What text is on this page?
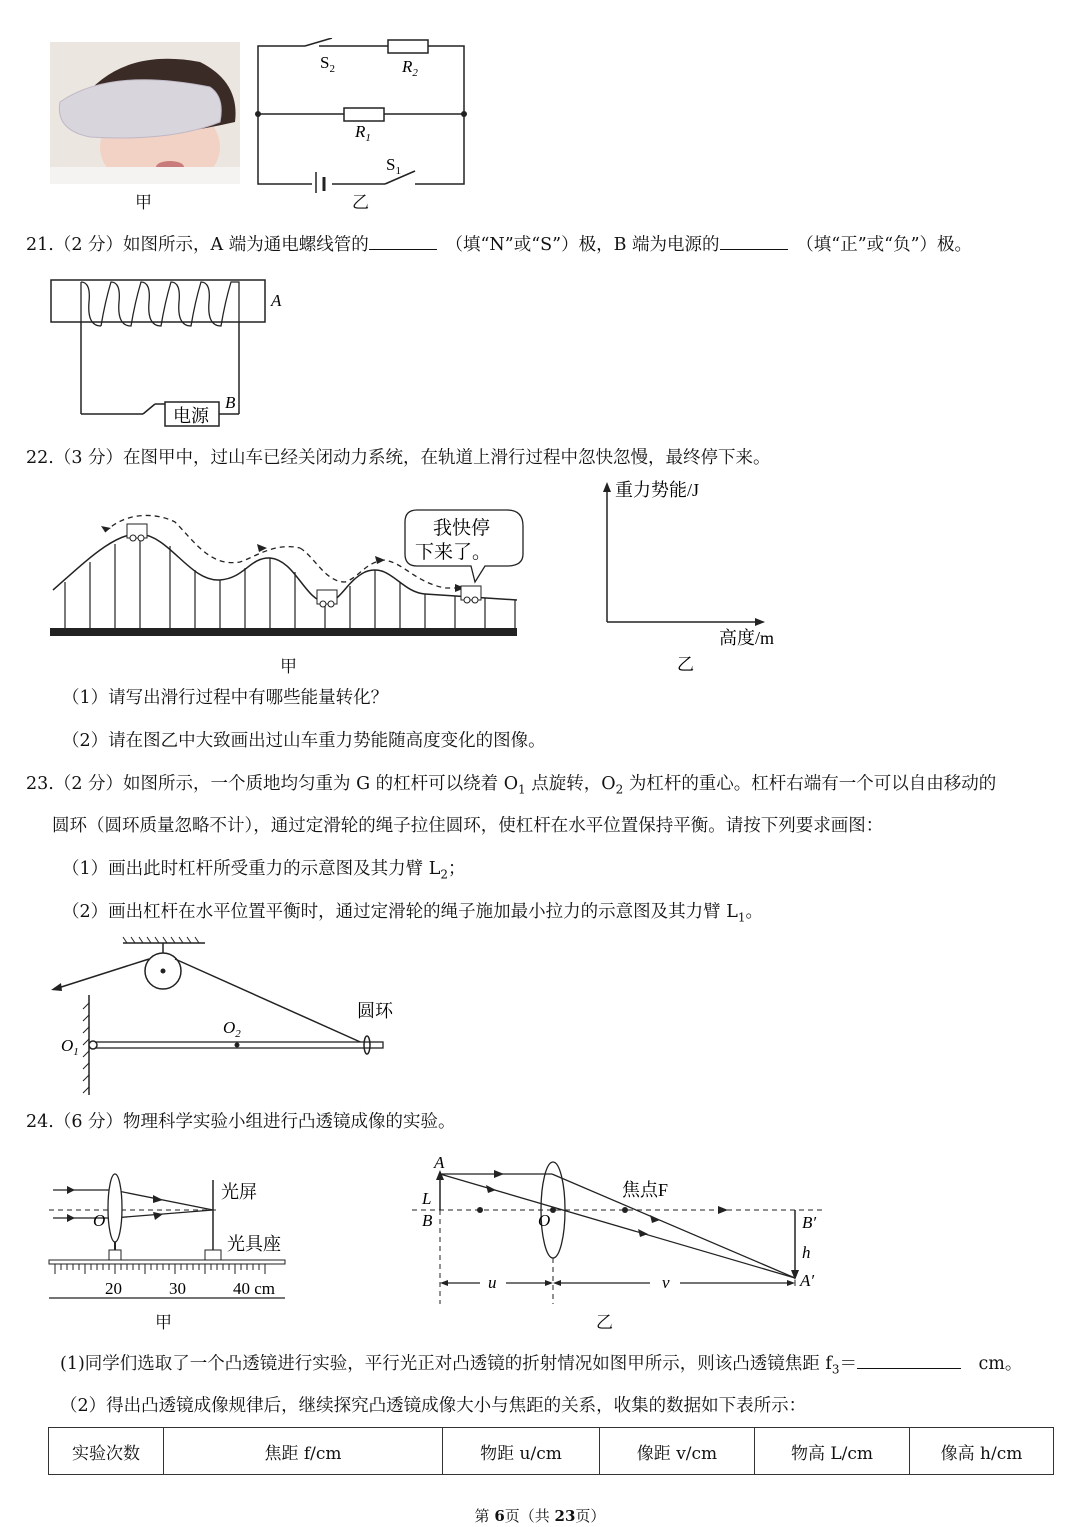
甲
$S_2$	$R_2$
$R_1$
$S_1$
乙
21.（2 分）如图所示，A 端为通电螺线管的　	（填“N”或“S”）极，B 端为电源的　	（填“正”或“负”）极。
A
B
电源
22.（3 分）在图甲中，过山车已经关闭动力系统，在轨道上滑行过程中忽快忽慢，最终停下来。
我快停
下来了。
甲
重力势能/J
高度/m
乙
（1）请写出滑行过程中有哪些能量转化？
（2）请在图乙中大致画出过山车重力势能随高度变化的图像。
23.（2 分）如图所示，一个质地均匀重为 G 的杠杆可以绕着 $O_1$ 点旋转，$O_2$ 为杠杆的重心。杠杆右端有一个可以自由移动的
圆环（圆环质量忽略不计），通过定滑轮的绳子拉住圆环，使杠杆在水平位置保持平衡。请按下列要求画图：
（1）画出此时杠杆所受重力的示意图及其力臂 $L_2$；
（2）画出杠杆在水平位置平衡时，通过定滑轮的绳子施加最小拉力的示意图及其力臂 $L_1$。
圆环
$O_1$
$O_2$
24.（6 分）物理科学实验小组进行凸透镜成像的实验。
光屏
光具座
O
20	30	40 cm
甲
A
L
B	O
焦点F
B′
h
A′
u	v
乙
(1)同学们选取了一个凸透镜进行实验，平行光正对凸透镜的折射情况如图甲所示，则该凸透镜焦距 $f_3=$　	cm。
（2）得出凸透镜成像规律后，继续探究凸透镜成像大小与焦距的关系，收集的数据如下表所示：
实验次数	焦距 f/cm	物距 u/cm	像距 v/cm	物高 L/cm	像高 h/cm
第 6页（共 23页）
